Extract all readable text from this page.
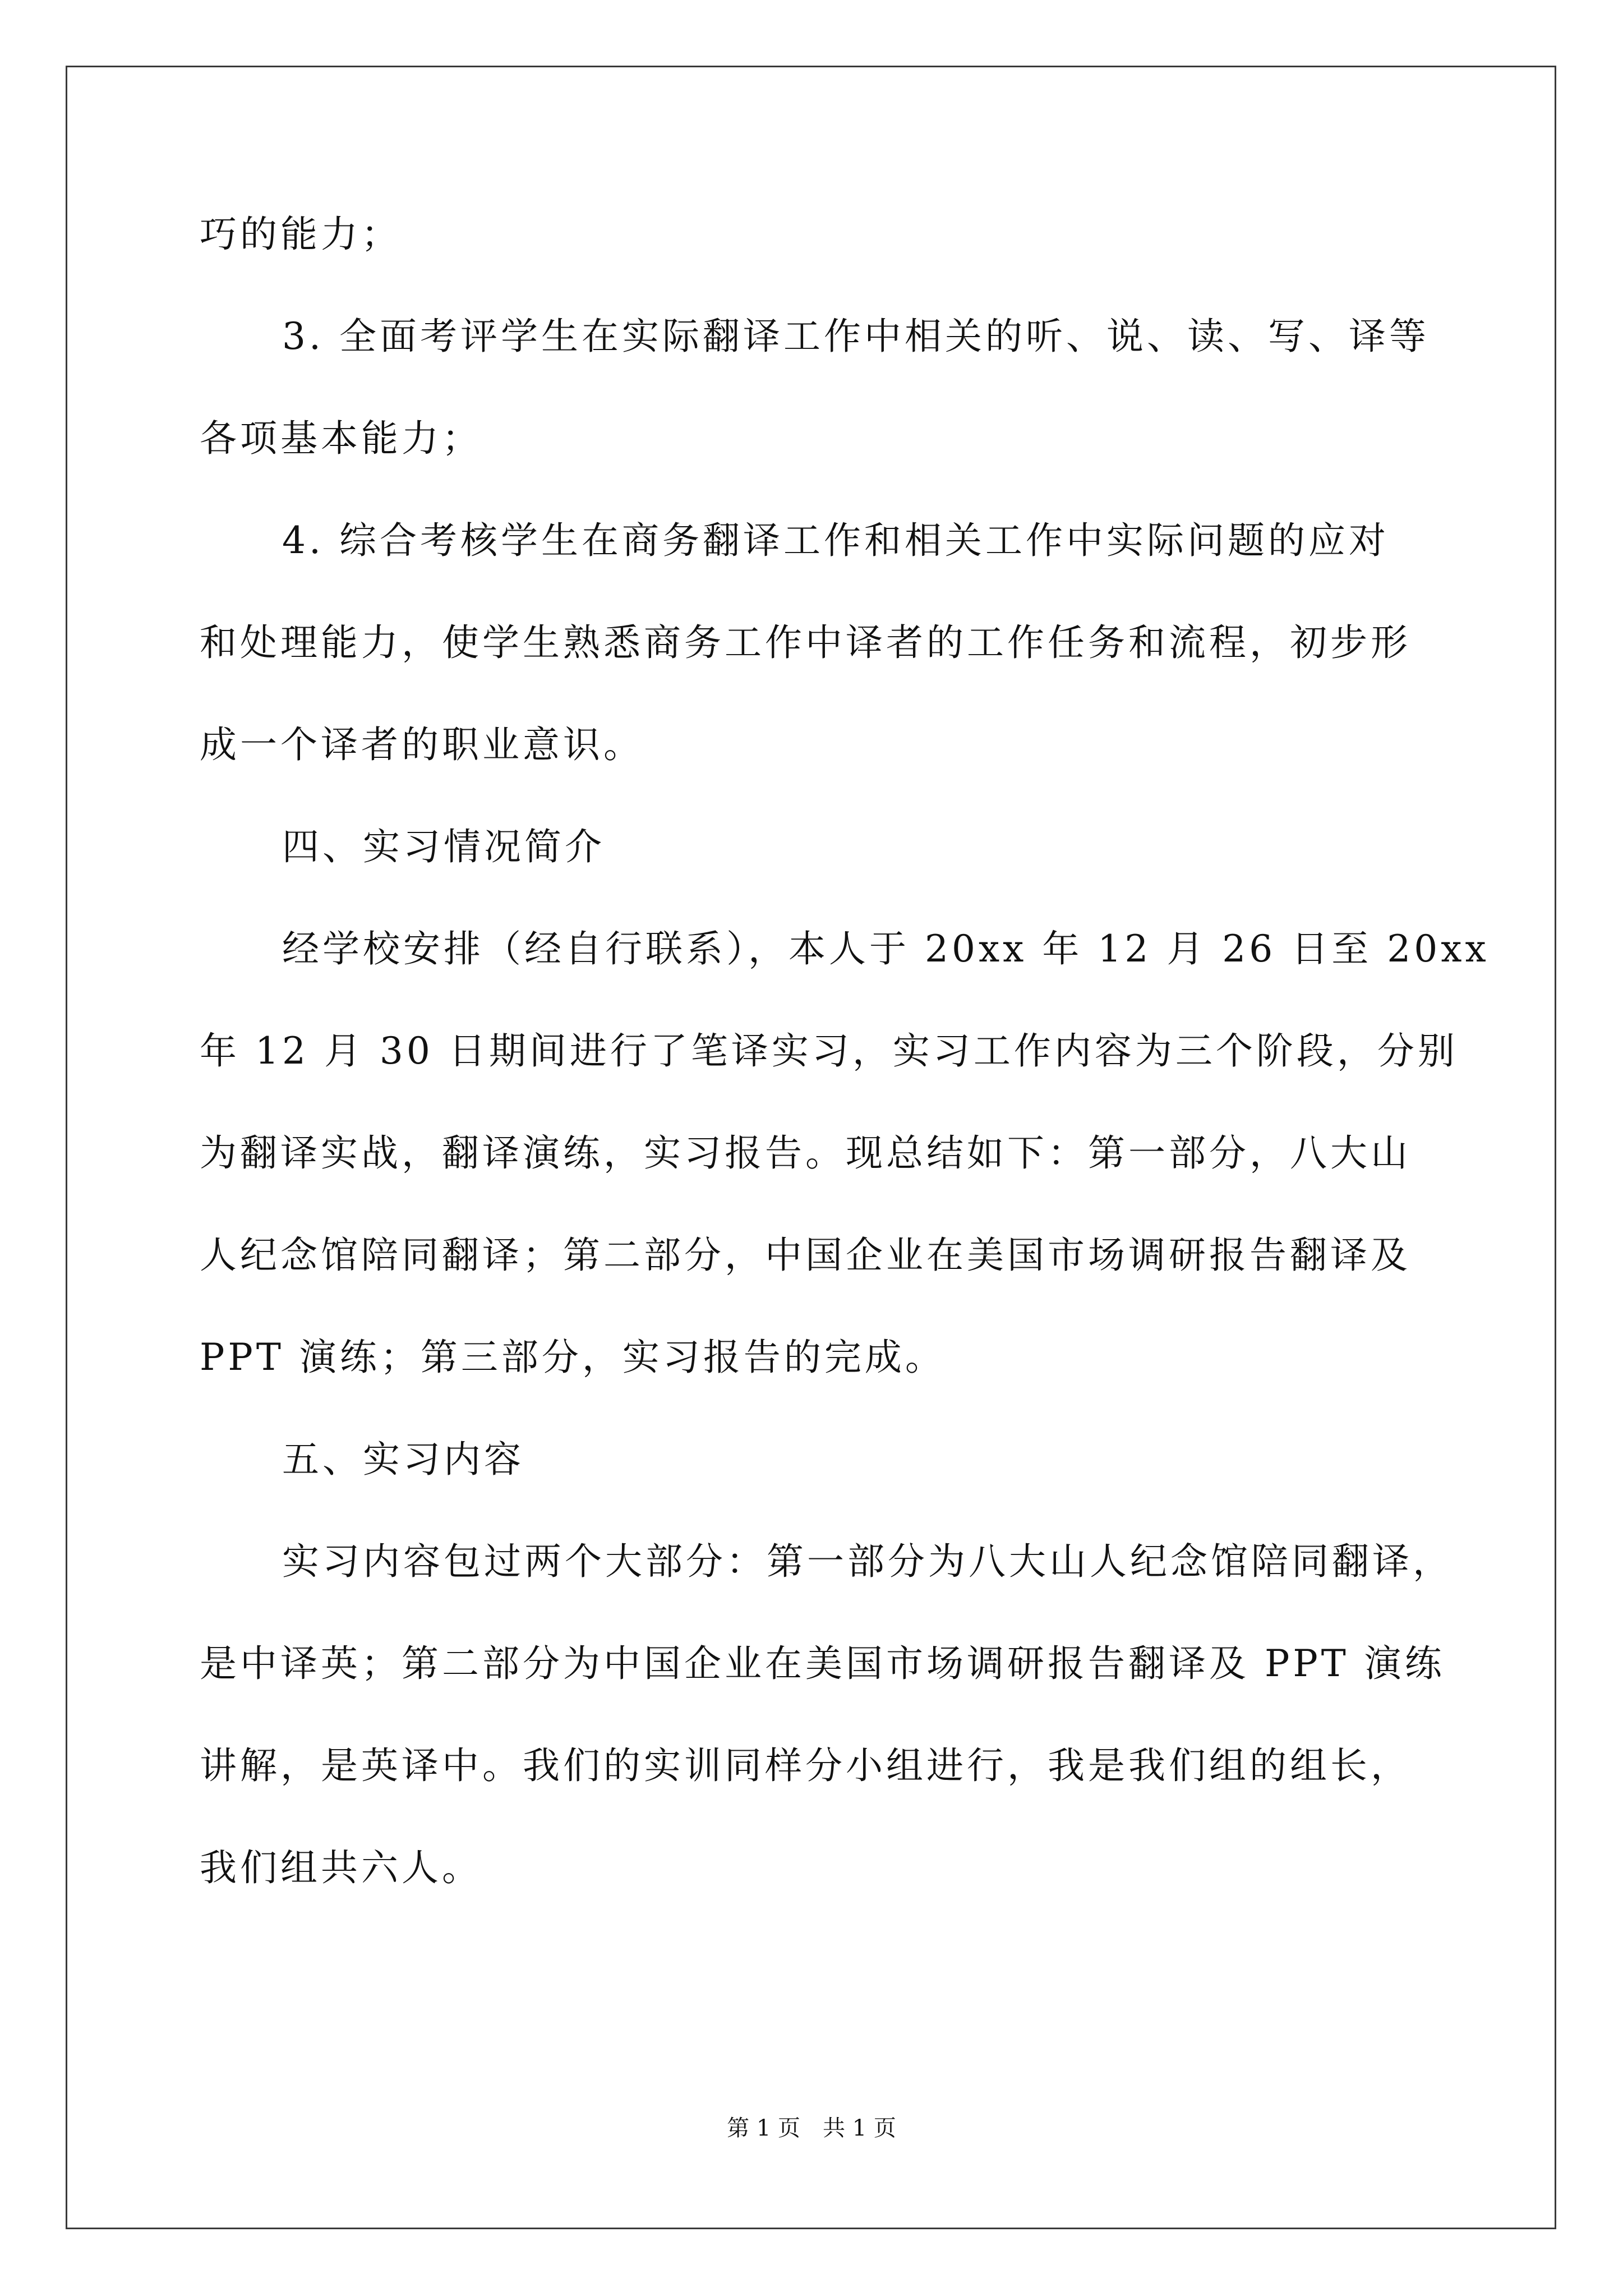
巧的能力；
3. 全面考评学生在实际翻译工作中相关的听、说、读、写、译等
各项基本能力；
4. 综合考核学生在商务翻译工作和相关工作中实际问题的应对
和处理能力，使学生熟悉商务工作中译者的工作任务和流程，初步形
成一个译者的职业意识。
四、实习情况简介
经学校安排（经自行联系），本人于 20xx 年 12 月 26 日至 20xx
年 12 月 30 日期间进行了笔译实习，实习工作内容为三个阶段，分别
为翻译实战，翻译演练，实习报告。现总结如下：第一部分，八大山
人纪念馆陪同翻译；第二部分，中国企业在美国市场调研报告翻译及
PPT 演练；第三部分，实习报告的完成。
五、实习内容
实习内容包过两个大部分：第一部分为八大山人纪念馆陪同翻译，
是中译英；第二部分为中国企业在美国市场调研报告翻译及 PPT 演练
讲解，是英译中。我们的实训同样分小组进行，我是我们组的组长，
我们组共六人。
第 1 页 共 1 页
